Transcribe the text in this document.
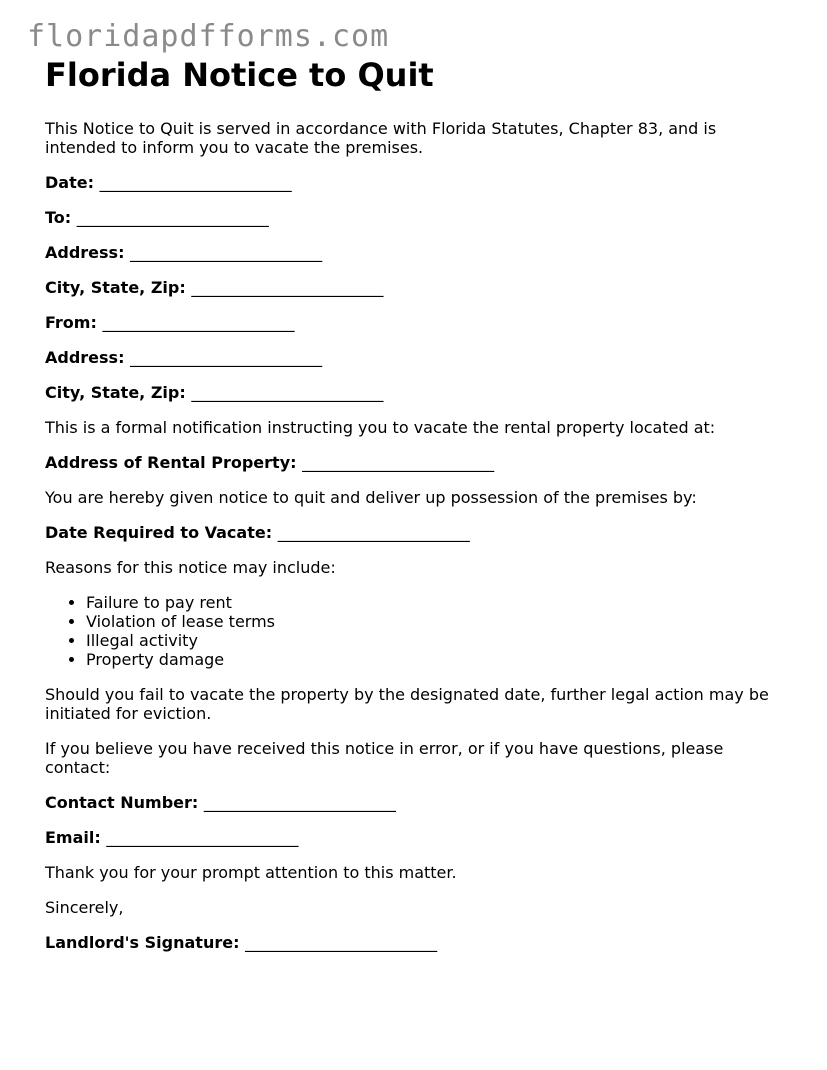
floridapdfforms.com
Florida Notice to Quit

This Notice to Quit is served in accordance with Florida Statutes, Chapter 83, and is intended to inform you to vacate the premises.

Date: ________________________

To: ________________________

Address: ________________________

City, State, Zip: ________________________

From: ________________________

Address: ________________________

City, State, Zip: ________________________

This is a formal notification instructing you to vacate the rental property located at:

Address of Rental Property: ________________________

You are hereby given notice to quit and deliver up possession of the premises by:

Date Required to Vacate: ________________________

Reasons for this notice may include:

• Failure to pay rent
• Violation of lease terms
• Illegal activity
• Property damage

Should you fail to vacate the property by the designated date, further legal action may be initiated for eviction.

If you believe you have received this notice in error, or if you have questions, please contact:

Contact Number: ________________________

Email: ________________________

Thank you for your prompt attention to this matter.

Sincerely,

Landlord's Signature: ________________________
